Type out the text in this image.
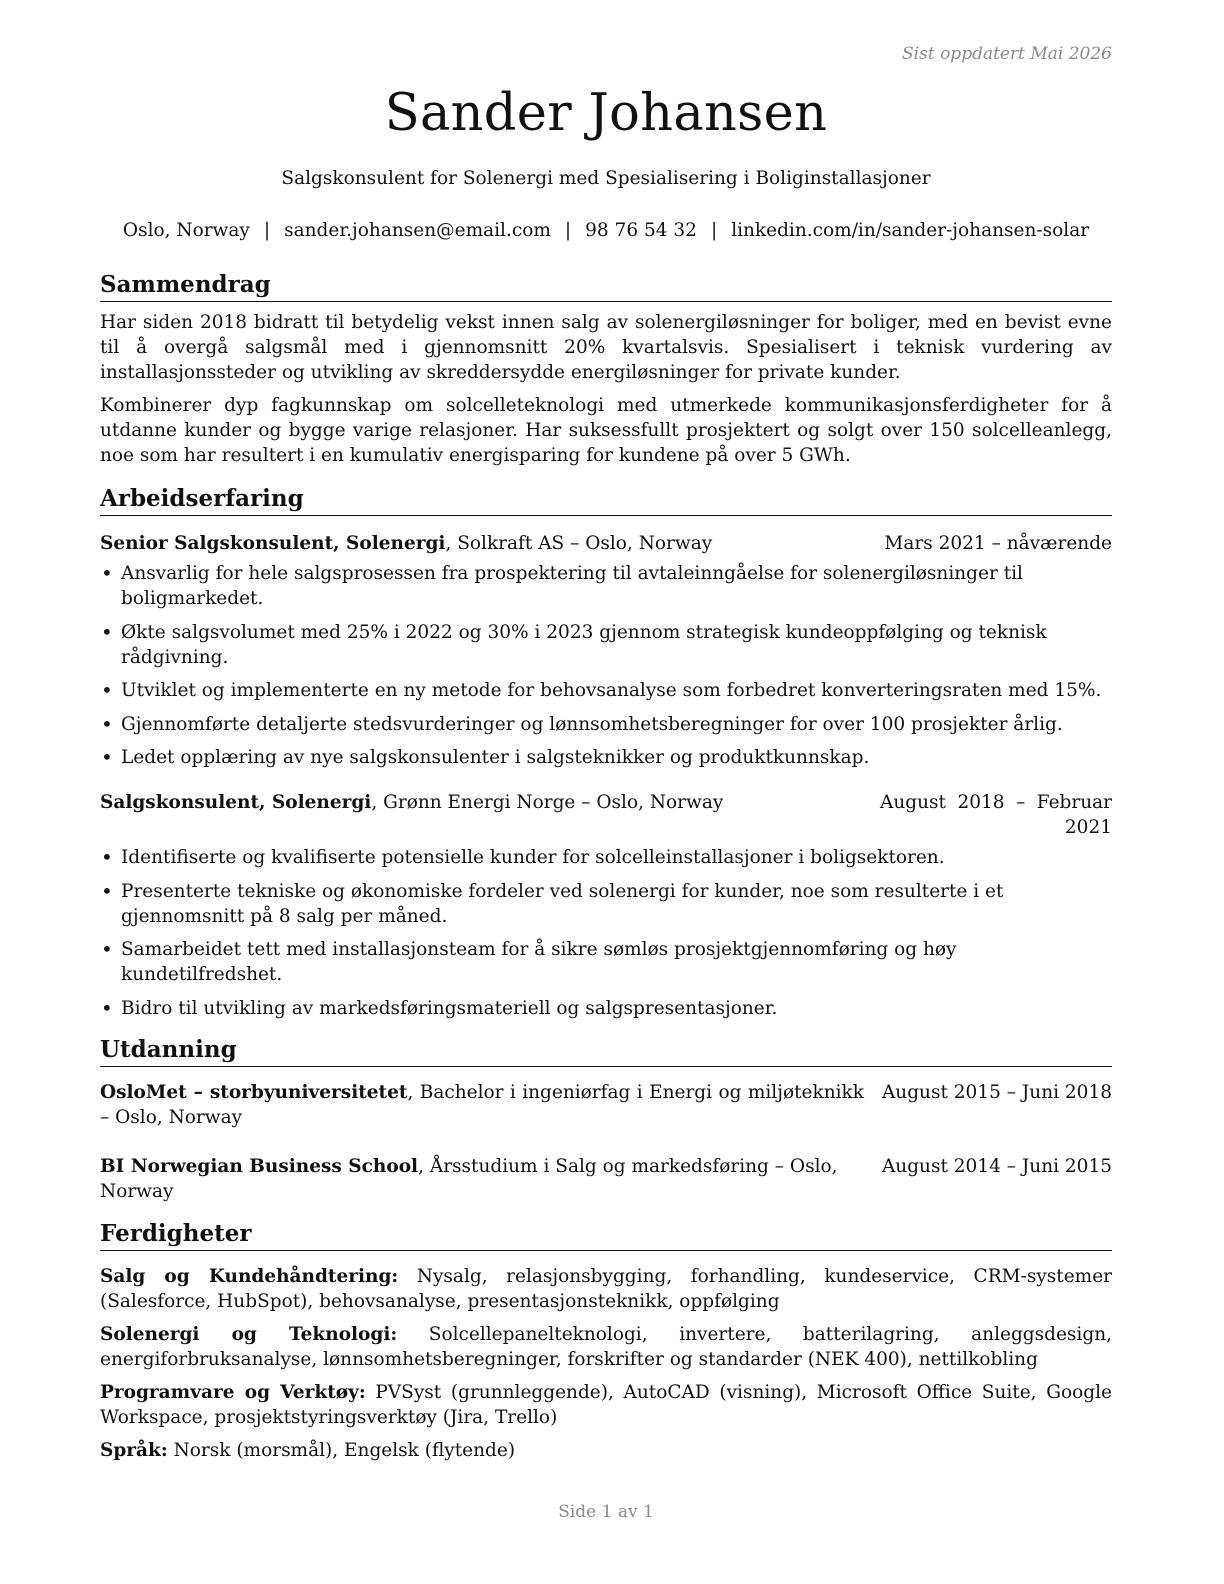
Sist oppdatert Mai 2026
Sander Johansen
Salgskonsulent for Solenergi med Spesialisering i Boliginstallasjoner
Oslo, Norway | sander.johansen@email.com | 98 76 54 32 | linkedin.com/in/sander-johansen-solar
Sammendrag

Har siden 2018 bidratt til betydelig vekst innen salg av solenergiløsninger for boliger, med en bevist evne til å overgå salgsmål med i gjennomsnitt 20% kvartalsvis. Spesialisert i teknisk vurdering av installasjonssteder og utvikling av skreddersydde energiløsninger for private kunder.

Kombinerer dyp fagkunnskap om solcelleteknologi med utmerkede kommunikasjonsferdigheter for å utdanne kunder og bygge varige relasjoner. Har suksessfullt prosjektert og solgt over 150 solcelleanlegg, noe som har resultert i en kumulativ energisparing for kundene på over 5 GWh.

Arbeidserfaring
Senior Salgskonsulent, Solenergi, Solkraft AS – Oslo, Norway	Mars 2021 – nåværende
• Ansvarlig for hele salgsprosessen fra prospektering til avtaleinngåelse for solenergiløsninger til boligmarkedet.
• Økte salgsvolumet med 25% i 2022 og 30% i 2023 gjennom strategisk kundeoppfølging og teknisk rådgivning.
• Utviklet og implementerte en ny metode for behovsanalyse som forbedret konverteringsraten med 15%.
• Gjennomførte detaljerte stedsvurderinger og lønnsomhetsberegninger for over 100 prosjekter årlig.
• Ledet opplæring av nye salgskonsulenter i salgsteknikker og produktkunnskap.
Salgskonsulent, Solenergi, Grønn Energi Norge – Oslo, Norway	August 2018 – Februar 2021
• Identifiserte og kvalifiserte potensielle kunder for solcelleinstallasjoner i boligsektoren.
• Presenterte tekniske og økonomiske fordeler ved solenergi for kunder, noe som resulterte i et gjennomsnitt på 8 salg per måned.
• Samarbeidet tett med installasjonsteam for å sikre sømløs prosjektgjennomføring og høy kundetilfredshet.
• Bidro til utvikling av markedsføringsmateriell og salgspresentasjoner.
Utdanning
OsloMet – storbyuniversitetet, Bachelor i ingeniørfag i Energi og miljøteknikk – Oslo, Norway
August 2015 – Juni 2018
BI Norwegian Business School, Årsstudium i Salg og markedsføring – Oslo, Norway
August 2014 – Juni 2015
Ferdigheter

Salg og Kundehåndtering: Nysalg, relasjonsbygging, forhandling, kundeservice, CRM-systemer (Salesforce, HubSpot), behovsanalyse, presentasjonsteknikk, oppfølging

Solenergi og Teknologi: Solcellepanelteknologi, invertere, batterilagring, anleggsdesign, energiforbruksanalyse, lønnsomhetsberegninger, forskrifter og standarder (NEK 400), nettilkobling

Programvare og Verktøy: PVSyst (grunnleggende), AutoCAD (visning), Microsoft Office Suite, Google Workspace, prosjektstyringsverktøy (Jira, Trello)

Språk: Norsk (morsmål), Engelsk (flytende)

Side 1 av 1
